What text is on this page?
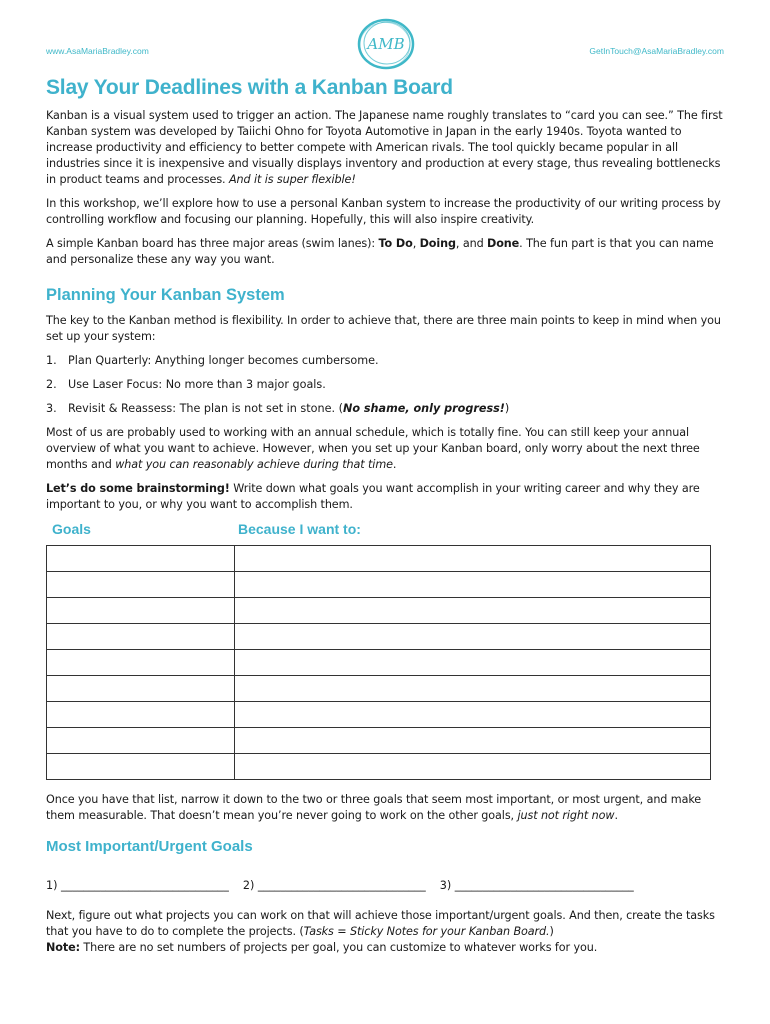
www.AsaMariaBradley.com	AMB	GetInTouch@AsaMariaBradley.com
Slay Your Deadlines with a Kanban Board

Kanban is a visual system used to trigger an action. The Japanese name roughly translates to “card you can see.” The first Kanban system was developed by Taiichi Ohno for Toyota Automotive in Japan in the early 1940s. Toyota wanted to increase productivity and efficiency to better compete with American rivals. The tool quickly became popular in all industries since it is inexpensive and visually displays inventory and production at every stage, thus revealing bottlenecks in product teams and processes. And it is super flexible!

In this workshop, we’ll explore how to use a personal Kanban system to increase the productivity of our writing process by controlling workflow and focusing our planning. Hopefully, this will also inspire creativity.

A simple Kanban board has three major areas (swim lanes): To Do, Doing, and Done. The fun part is that you can name and personalize these any way you want.

Planning Your Kanban System

The key to the Kanban method is flexibility. In order to achieve that, there are three main points to keep in mind when you set up your system:

1.	Plan Quarterly: Anything longer becomes cumbersome.
2.	Use Laser Focus: No more than 3 major goals.
3.	Revisit & Reassess: The plan is not set in stone. (No shame, only progress!)

Most of us are probably used to working with an annual schedule, which is totally fine. You can still keep your annual overview of what you want to achieve. However, when you set up your Kanban board, only worry about the next three months and what you can reasonably achieve during that time.

Let’s do some brainstorming! Write down what goals you want accomplish in your writing career and why they are important to you, or why you want to accomplish them.

Goals	Because I want to:

Once you have that list, narrow it down to the two or three goals that seem most important, or most urgent, and make them measurable. That doesn’t mean you’re never going to work on the other goals, just not right now.

Most Important/Urgent Goals
1) ______________________________ 2) ______________________________ 3) ________________________________

Next, figure out what projects you can work on that will achieve those important/urgent goals. And then, create the tasks that you have to do to complete the projects. (Tasks = Sticky Notes for your Kanban Board.)
Note: There are no set numbers of projects per goal, you can customize to whatever works for you.
